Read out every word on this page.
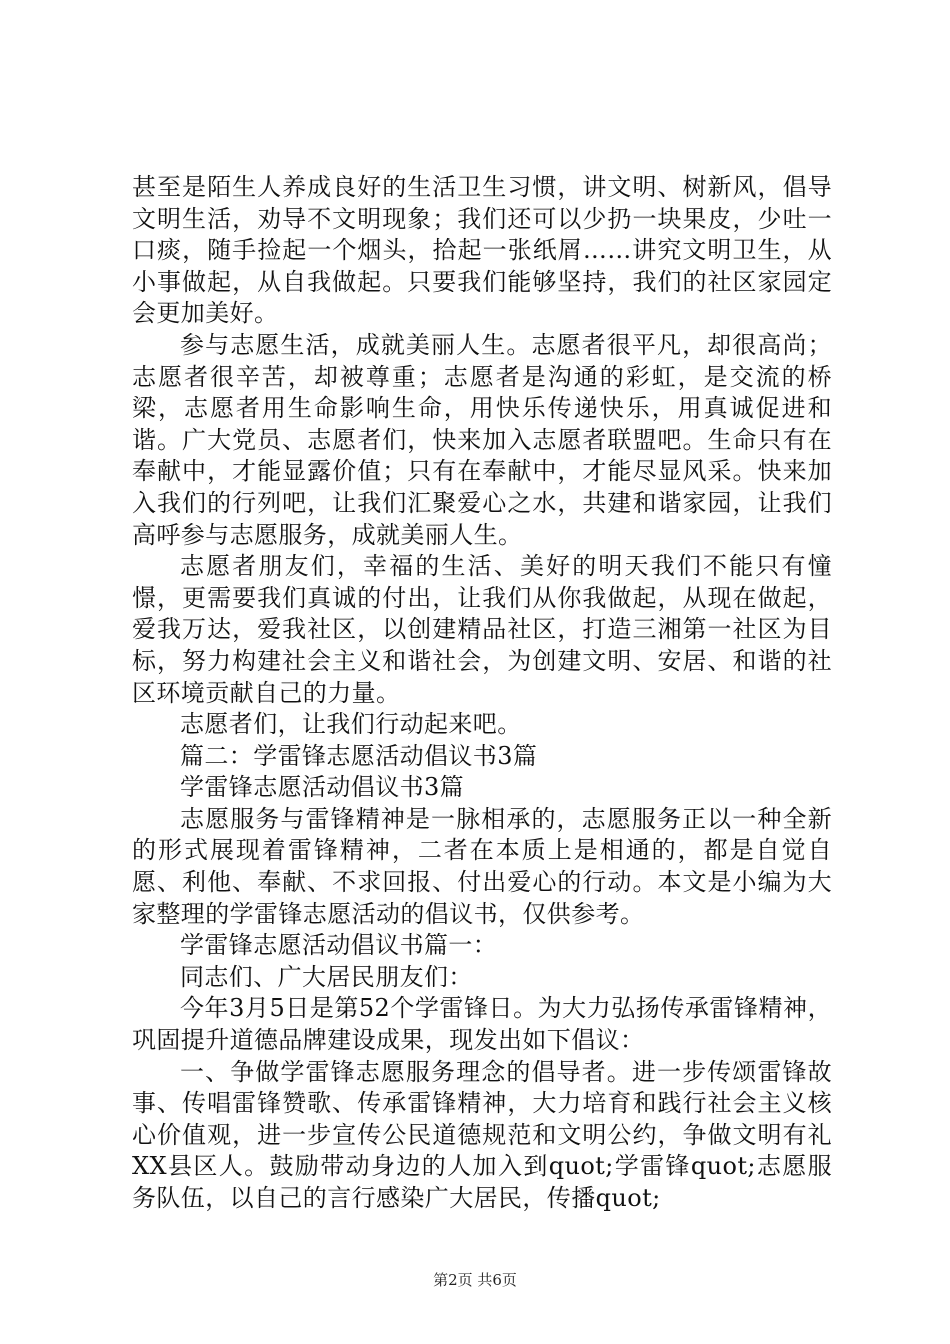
甚至是陌生人养成良好的生活卫生习惯，讲文明、树新风，倡导文明生活，劝导不文明现象；我们还可以少扔一块果皮，少吐一口痰，随手捡起一个烟头，拾起一张纸屑……讲究文明卫生，从小事做起，从自我做起。只要我们能够坚持，我们的社区家园定会更加美好。

参与志愿生活，成就美丽人生。志愿者很平凡，却很高尚；志愿者很辛苦，却被尊重；志愿者是沟通的彩虹，是交流的桥梁，志愿者用生命影响生命，用快乐传递快乐，用真诚促进和谐。广大党员、志愿者们，快来加入志愿者联盟吧。生命只有在奉献中，才能显露价值；只有在奉献中，才能尽显风采。快来加入我们的行列吧，让我们汇聚爱心之水，共建和谐家园，让我们高呼参与志愿服务，成就美丽人生。

志愿者朋友们，幸福的生活、美好的明天我们不能只有憧憬，更需要我们真诚的付出，让我们从你我做起，从现在做起，爱我万达，爱我社区，以创建精品社区，打造三湘第一社区为目标，努力构建社会主义和谐社会，为创建文明、安居、和谐的社区环境贡献自己的力量。

志愿者们，让我们行动起来吧。

篇二：学雷锋志愿活动倡议书3篇

学雷锋志愿活动倡议书3篇

志愿服务与雷锋精神是一脉相承的，志愿服务正以一种全新的形式展现着雷锋精神，二者在本质上是相通的，都是自觉自愿、利他、奉献、不求回报、付出爱心的行动。本文是小编为大家整理的学雷锋志愿活动的倡议书，仅供参考。

学雷锋志愿活动倡议书篇一：

同志们、广大居民朋友们：

今年3月5日是第52个学雷锋日。为大力弘扬传承雷锋精神，巩固提升道德品牌建设成果，现发出如下倡议：

一、争做学雷锋志愿服务理念的倡导者。进一步传颂雷锋故事、传唱雷锋赞歌、传承雷锋精神，大力培育和践行社会主义核心价值观，进一步宣传公民道德规范和文明公约，争做文明有礼XX县区人。鼓励带动身边的人加入到quot;学雷锋quot;志愿服务队伍，以自己的言行感染广大居民，传播quot;

第2页 共6页
